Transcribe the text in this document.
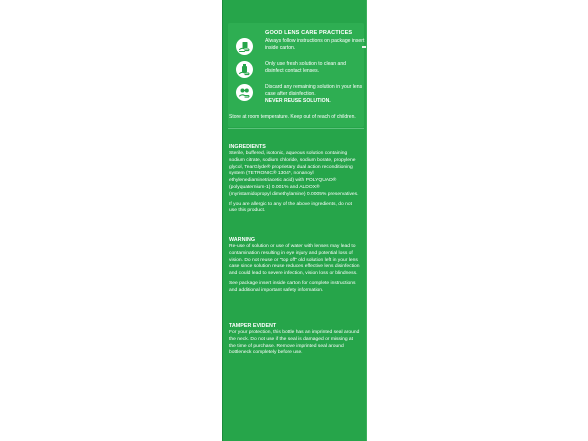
GOOD LENS CARE PRACTICES
Always follow instructions on package insert inside carton.
Only use fresh solution to clean and disinfect contact lenses.
Discard any remaining solution in your lens case after disinfection.
NEVER REUSE SOLUTION.
Store at room temperature. Keep out of reach of children.
INGREDIENTS

Sterile, buffered, isotonic, aqueous solution containing sodium citrate, sodium chloride, sodium borate, propylene glycol, TearGlyde® proprietary dual action reconditioning system (TETRONIC® 1304*, nonanoyl ethylenediaminetriacetic acid) with POLYQUAD® (polyquaternium-1) 0.001% and ALDOX® (myristamidopropyl dimethylamine) 0.0005% preservatives.

If you are allergic to any of the above ingredients, do not use this product.

WARNING

Re-use of solution or use of water with lenses may lead to contamination resulting in eye injury and potential loss of vision. Do not reuse or "top off" old solution left in your lens case since solution reuse reduces effective lens disinfection and could lead to severe infection, vision loss or blindness.

See package insert inside carton for complete instructions and additional important safety information.

TAMPER EVIDENT

For your protection, this bottle has an imprinted seal around the neck. Do not use if the seal is damaged or missing at the time of purchase. Remove imprinted seal around bottleneck completely before use.
